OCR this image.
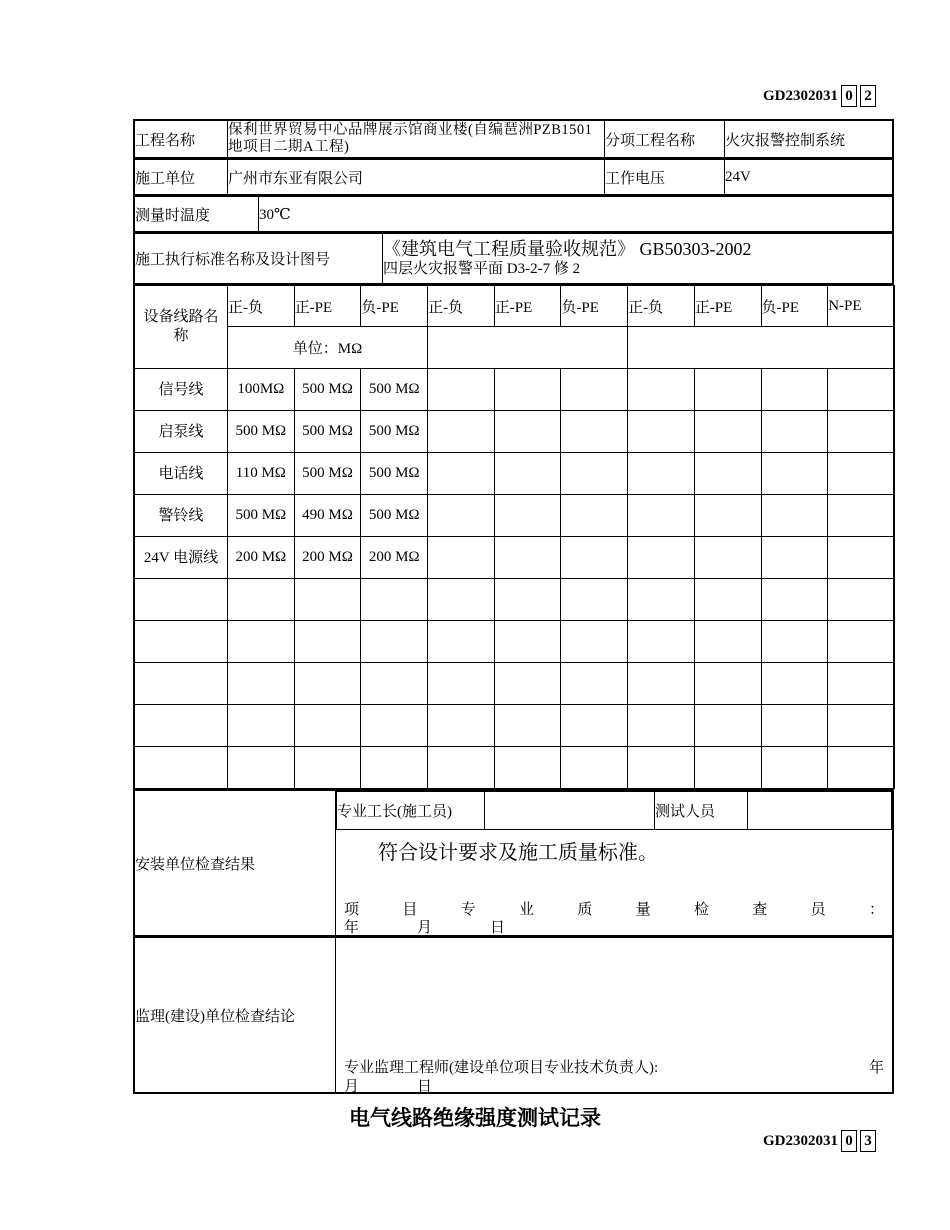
GD2302031 0 2
工程名称	保利世界贸易中心品牌展示馆商业楼(自编琶洲PZB1501地项目二期A工程)	分项工程名称	火灾报警控制系统

施工单位	广州市东亚有限公司	工作电压	24V

测量时温度	30℃

施工执行标准名称及设计图号	
《建筑电气工程质量验收规范》 GB50303-2002
四层火灾报警平面 D3-2-7 修 2

设备线路名称	正-负	正-PE	负-PE	正-负	正-PE	负-PE	正-负	正-PE	负-PE	N-PE
单位：MΩ		
信号线	100MΩ	500 MΩ	500 MΩ							
启泵线	500 MΩ	500 MΩ	500 MΩ							
电话线	110 MΩ	500 MΩ	500 MΩ							
警铃线	500 MΩ	490 MΩ	500 MΩ							
24V 电源线	200 MΩ	200 MΩ	200 MΩ							

安装单位检查结果	
专业工长(施工员)		测试人员	
符合设计要求及施工质量标准。
项	目	专	业	质	量	检	查	员	：
年	月	日

监理(建设)单位检查结论	
专业监理工程师(建设单位项目专业技术负责人):	年
月	日
电气线路绝缘强度测试记录
GD2302031 0 3
